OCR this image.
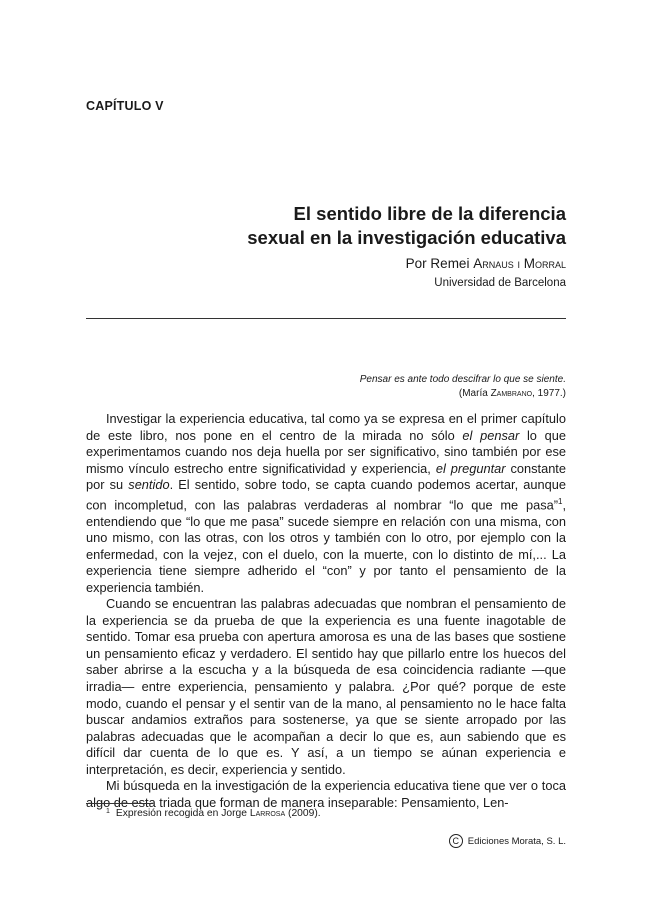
CAPÍTULO V
El sentido libre de la diferencia
sexual en la investigación educativa
Por Remei Arnaus i Morral
Universidad de Barcelona
Pensar es ante todo descifrar lo que se siente.
(María Zambrano, 1977.)

Investigar la experiencia educativa, tal como ya se expresa en el primer capítulo de este libro, nos pone en el centro de la mirada no sólo el pensar lo que experimentamos cuando nos deja huella por ser significativo, sino también por ese mismo vínculo estrecho entre significatividad y experiencia, el preguntar constante por su sentido. El sentido, sobre todo, se capta cuando podemos acertar, aunque con incompletud, con las palabras verdaderas al nombrar “lo que me pasa”$^1$, entendiendo que “lo que me pasa” sucede siempre en relación con una misma, con uno mismo, con las otras, con los otros y también con lo otro, por ejemplo con la enfermedad, con la vejez, con el duelo, con la muerte, con lo distinto de mí,... La experiencia tiene siempre adherido el “con” y por tanto el pensamiento de la experiencia también.

Cuando se encuentran las palabras adecuadas que nombran el pensamiento de la experiencia se da prueba de que la experiencia es una fuente inagotable de sentido. Tomar esa prueba con apertura amorosa es una de las bases que sostiene un pensamiento eficaz y verdadero. El sentido hay que pillarlo entre los huecos del saber abrirse a la escucha y a la búsqueda de esa coincidencia radiante —que irradia— entre experiencia, pensamiento y palabra. ¿Por qué? porque de este modo, cuando el pensar y el sentir van de la mano, al pensamiento no le hace falta buscar andamios extraños para sostenerse, ya que se siente arropado por las palabras adecuadas que le acompañan a decir lo que es, aun sabiendo que es difícil dar cuenta de lo que es. Y así, a un tiempo se aúnan experiencia e interpretación, es decir, experiencia y sentido.

Mi búsqueda en la investigación de la experiencia educativa tiene que ver o toca algo de esta triada que forman de manera inseparable: Pensamiento, Len-

$^1$ Expresión recogida en Jorge Larrosa (2009).
C Ediciones Morata, S. L.
